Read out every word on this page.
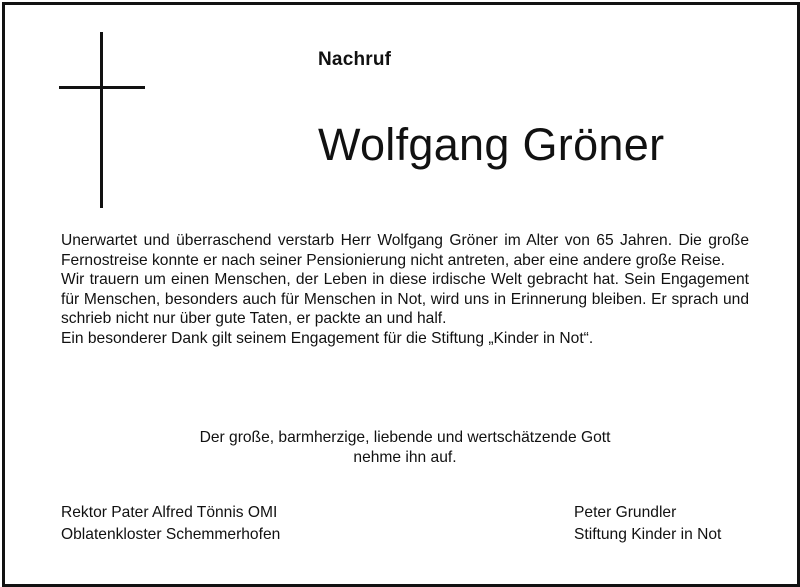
Nachruf
Wolfgang Gröner

Unerwartet und überraschend verstarb Herr Wolfgang Gröner im Alter von 65 Jahren. Die große Fernostreise konnte er nach seiner Pensionierung nicht antreten, aber eine andere große Reise.

Wir trauern um einen Menschen, der Leben in diese irdische Welt gebracht hat. Sein Engagement für Menschen, besonders auch für Menschen in Not, wird uns in Erinnerung bleiben. Er sprach und schrieb nicht nur über gute Taten, er packte an und half.

Ein besonderer Dank gilt seinem Engagement für die Stiftung „Kinder in Not“.

Der große, barmherzige, liebende und wertschätzende Gott
nehme ihn auf.
Rektor Pater Alfred Tönnis OMI
Oblatenkloster Schemmerhofen
Peter Grundler
Stiftung Kinder in Not
